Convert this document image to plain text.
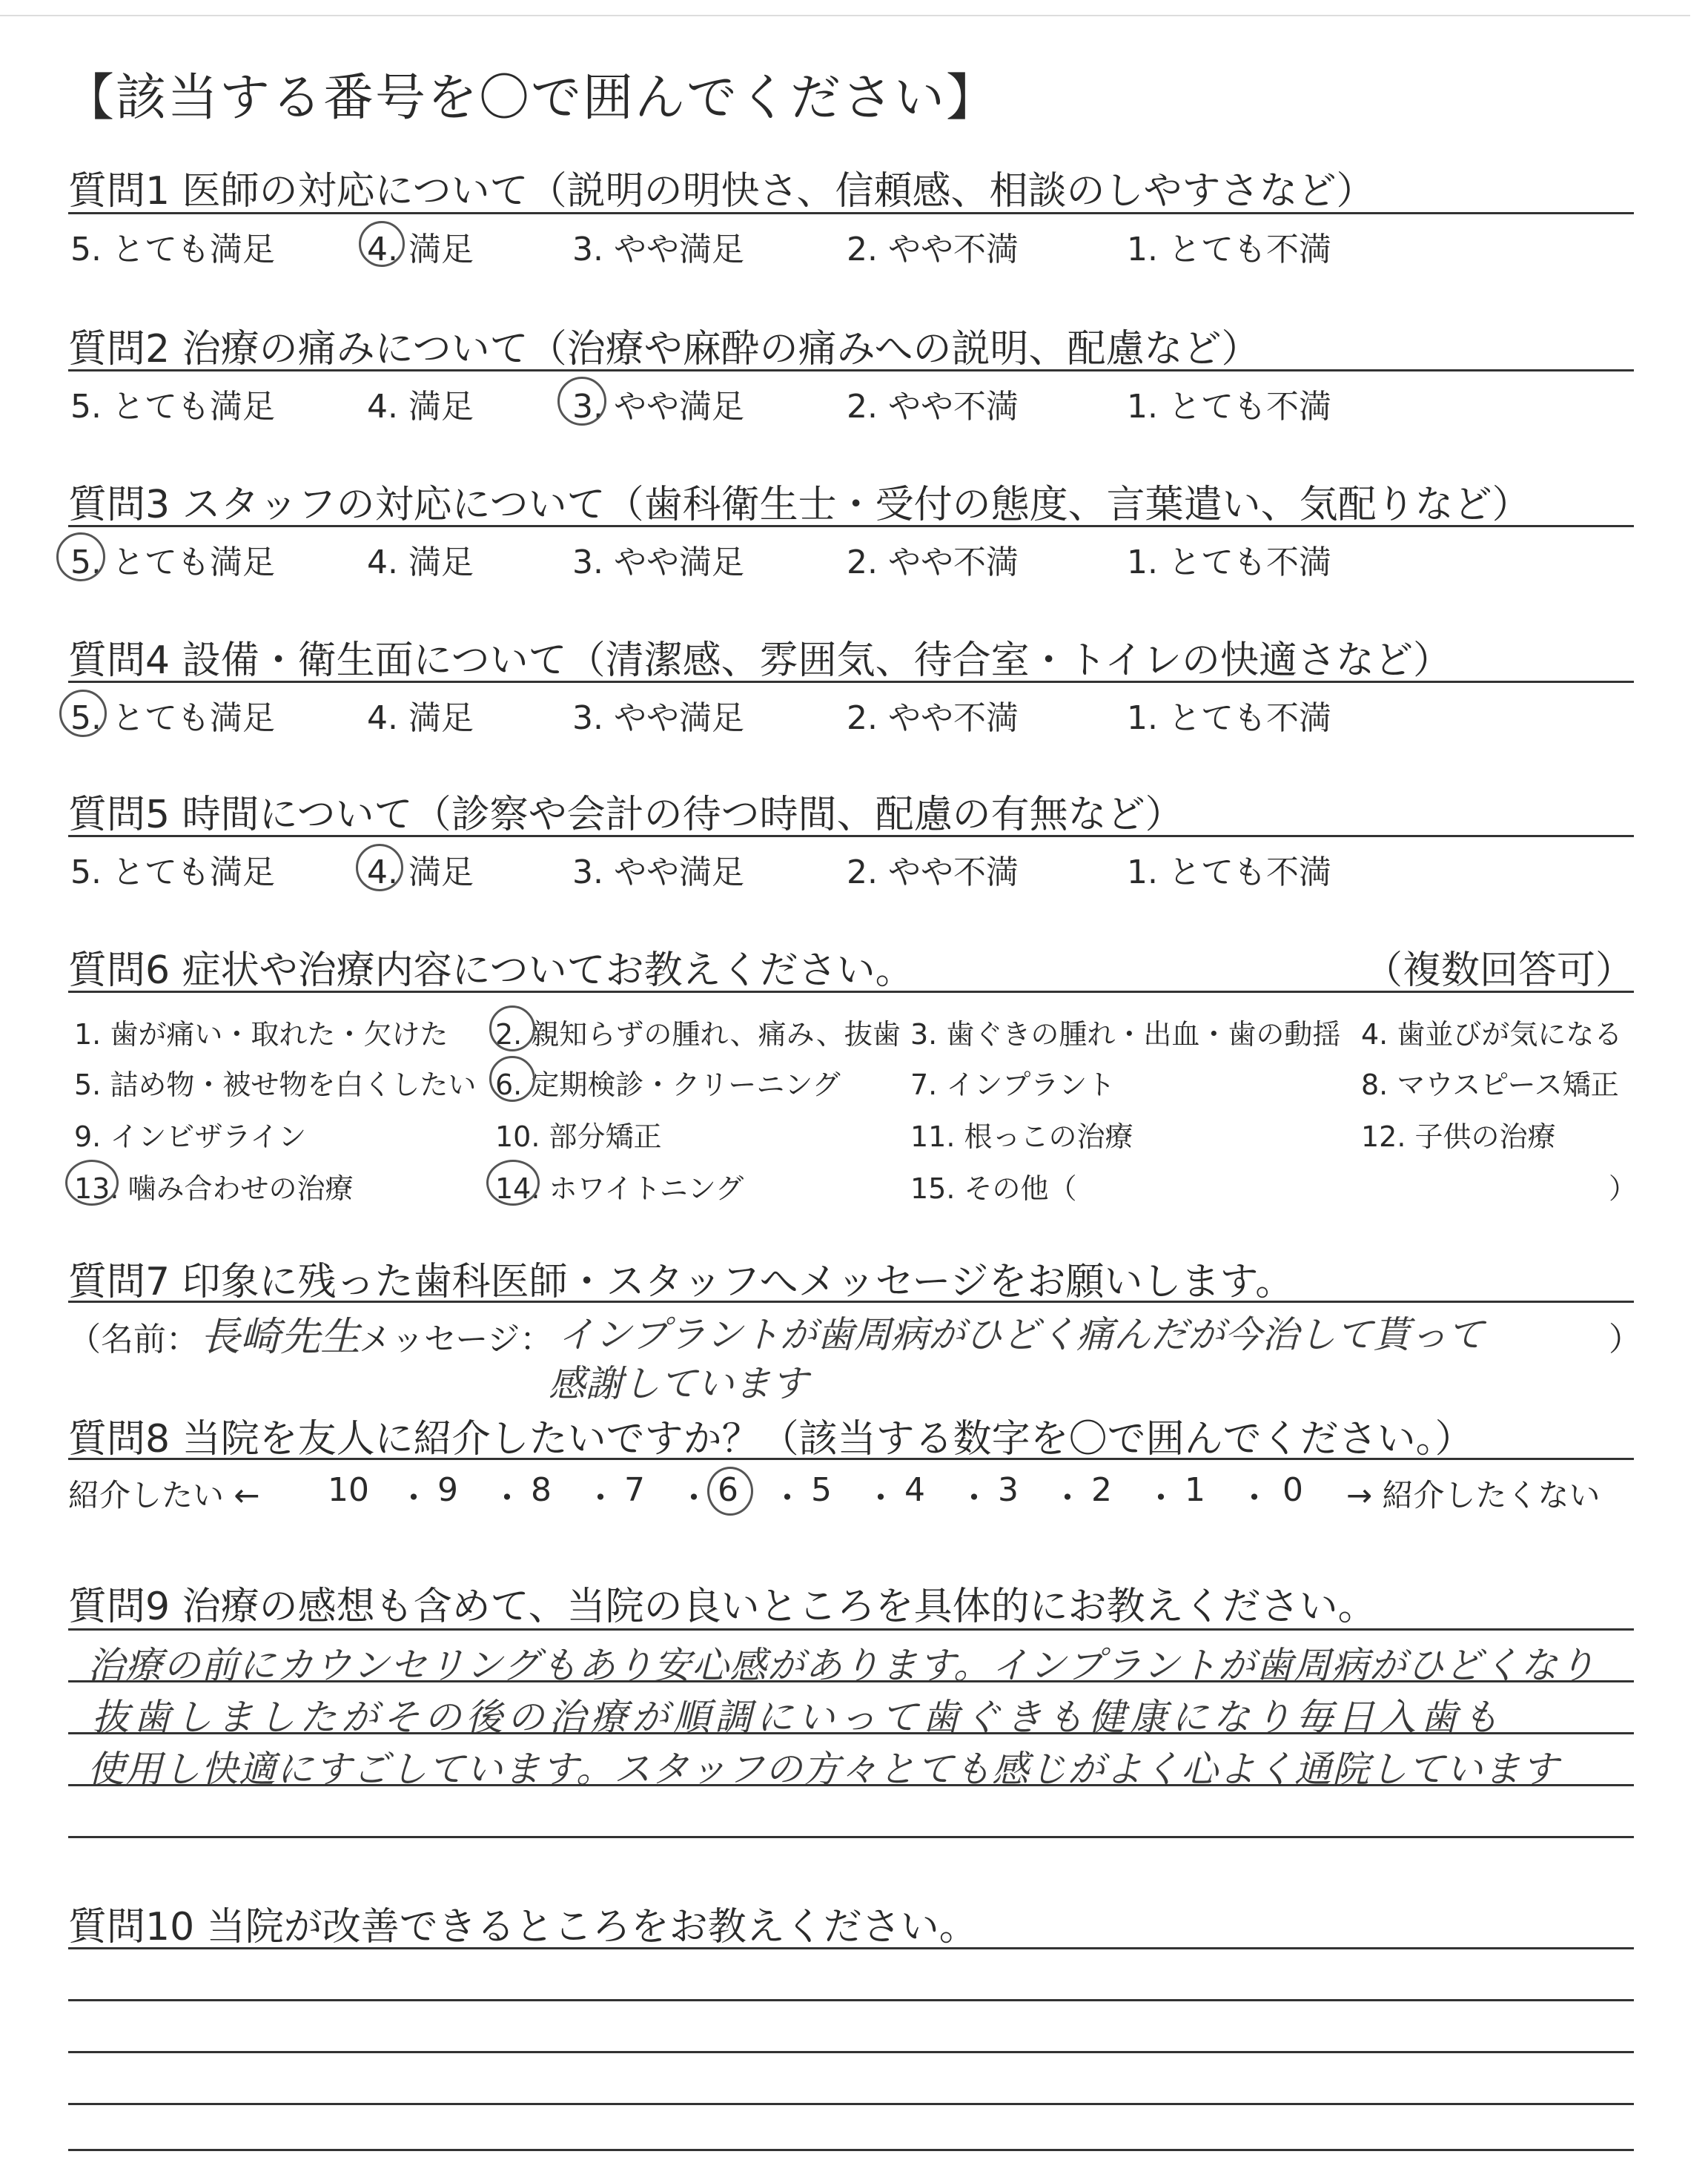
【該当する番号を〇で囲んでください】
質問1 医師の対応について（説明の明快さ、信頼感、相談のしやすさなど）
5. とても満足	4. 満足	3. やや満足	2. やや不満	1. とても不満
質問2 治療の痛みについて（治療や麻酔の痛みへの説明、配慮など）
5. とても満足	4. 満足	3. やや満足	2. やや不満	1. とても不満
質問3 スタッフの対応について（歯科衛生士・受付の態度、言葉遣い、気配りなど）
5. とても満足	4. 満足	3. やや満足	2. やや不満	1. とても不満
質問4 設備・衛生面について（清潔感、雰囲気、待合室・トイレの快適さなど）
5. とても満足	4. 満足	3. やや満足	2. やや不満	1. とても不満
質問5 時間について（診察や会計の待つ時間、配慮の有無など）
5. とても満足	4. 満足	3. やや満足	2. やや不満	1. とても不満
質問6 症状や治療内容についてお教えください。	（複数回答可）
1. 歯が痛い・取れた・欠けた 2. 親知らずの腫れ、痛み、抜歯 3. 歯ぐきの腫れ・出血・歯の動揺 4. 歯並びが気になる
5. 詰め物・被せ物を白くしたい 6. 定期検診・クリーニング 7. インプラント	8. マウスピース矯正
9. インビザライン	10. 部分矯正	11. 根っこの治療	12. 子供の治療
13. 噛み合わせの治療	14. ホワイトニング	15. その他（	）
質問7 印象に残った歯科医師・スタッフへメッセージをお願いします。
（名前： 長崎先生
メッセージ： インプラントが歯周病がひどく痛んだが今治して貰って
感謝しています
）
質問8 当院を友人に紹介したいですか？（該当する数字を〇で囲んでください。）
紹介したい ← 10 ・ 9 ・ 8 ・ 7 ・ 6 ・ 5 ・ 4 ・ 3 ・ 2 ・ 1 ・ 0 → 紹介したくない
質問9 治療の感想も含めて、当院の良いところを具体的にお教えください。
治療の前にカウンセリングもあり安心感があります。インプラントが歯周病がひどくなり
抜歯しましたがその後の治療が順調にいって歯ぐきも健康になり毎日入歯も
使用し快適にすごしています。スタッフの方々とても感じがよく心よく通院しています
質問10 当院が改善できるところをお教えください。
